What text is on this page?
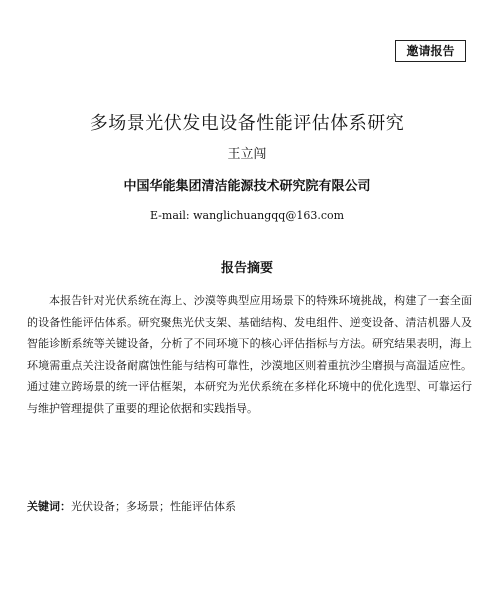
邀请报告
多场景光伏发电设备性能评估体系研究
王立闯
中国华能集团清洁能源技术研究院有限公司
E-mail: wanglichuangqq@163.com
报告摘要

本报告针对光伏系统在海上、沙漠等典型应用场景下的特殊环境挑战，构建了一套全面的设备性能评估体系。研究聚焦光伏支架、基础结构、发电组件、逆变设备、清洁机器人及智能诊断系统等关键设备，分析了不同环境下的核心评估指标与方法。研究结果表明，海上环境需重点关注设备耐腐蚀性能与结构可靠性，沙漠地区则着重抗沙尘磨损与高温适应性。通过建立跨场景的统一评估框架，本研究为光伏系统在多样化环境中的优化选型、可靠运行与维护管理提供了重要的理论依据和实践指导。

关键词：光伏设备；多场景；性能评估体系
